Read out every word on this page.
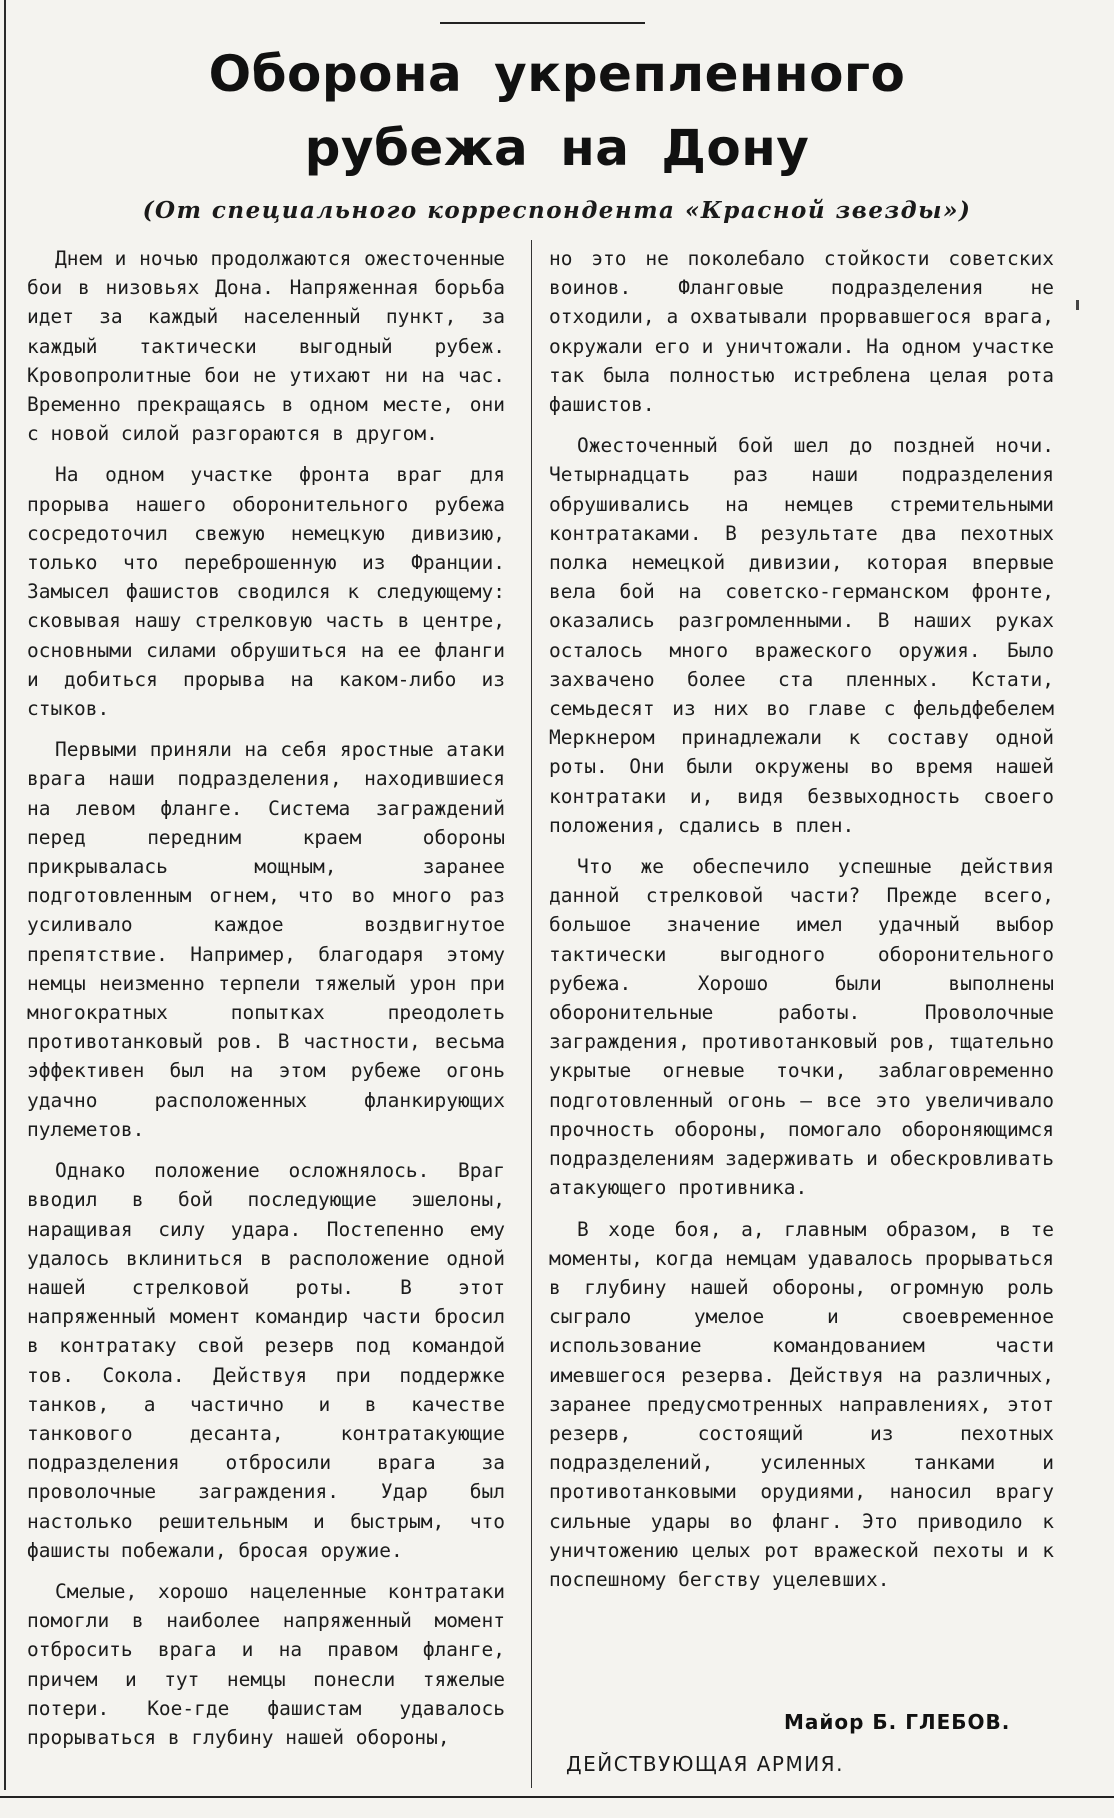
Оборона укрепленного
рубежа на Дону
(От специального корреспондента «Красной звезды»)

Днем и ночью продолжаются ожесточенные бои в низовьях Дона. Напряженная борьба идет за каждый населенный пункт, за каждый тактически выгодный рубеж. Кровопролитные бои не утихают ни на час. Временно прекращаясь в одном месте, они с новой силой разгораются в другом.

На одном участке фронта враг для прорыва нашего оборонительного рубежа сосредоточил свежую немецкую дивизию, только что переброшенную из Франции. Замысел фашистов сводился к следующему: сковывая нашу стрелковую часть в центре, основными силами обрушиться на ее фланги и добиться прорыва на каком-либо из стыков.

Первыми приняли на себя яростные атаки врага наши подразделения, находившиеся на левом фланге. Система заграждений перед передним краем обороны прикрывалась мощным, заранее подготовленным огнем, что во много раз усиливало каждое воздвигнутое препятствие. Например, благодаря этому немцы неизменно терпели тяжелый урон при многократных попытках преодолеть противотанковый ров. В частности, весьма эффективен был на этом рубеже огонь удачно расположенных фланкирующих пулеметов.

Однако положение осложнялось. Враг вводил в бой последующие эшелоны, наращивая силу удара. Постепенно ему удалось вклиниться в расположение одной нашей стрелковой роты. В этот напряженный момент командир части бросил в контратаку свой резерв под командой тов. Сокола. Действуя при поддержке танков, а частично и в качестве танкового десанта, контратакующие подразделения отбросили врага за проволочные заграждения. Удар был настолько решительным и быстрым, что фашисты побежали, бросая оружие.

Смелые, хорошо нацеленные контратаки помогли в наиболее напряженный момент отбросить врага и на правом фланге, причем и тут немцы понесли тяжелые потери. Кое-где фашистам удавалось прорываться в глубину нашей обороны,

но это не поколебало стойкости советских воинов. Фланговые подразделения не отходили, а охватывали прорвавшегося врага, окружали его и уничтожали. На одном участке так была полностью истреблена целая рота фашистов.

Ожесточенный бой шел до поздней ночи. Четырнадцать раз наши подразделения обрушивались на немцев стремительными контратаками. В результате два пехотных полка немецкой дивизии, которая впервые вела бой на советско-германском фронте, оказались разгромленными. В наших руках осталось много вражеского оружия. Было захвачено более ста пленных. Кстати, семьдесят из них во главе с фельдфебелем Меркнером принадлежали к составу одной роты. Они были окружены во время нашей контратаки и, видя безвыходность своего положения, сдались в плен.

Что же обеспечило успешные действия данной стрелковой части? Прежде всего, большое значение имел удачный выбор тактически выгодного оборонительного рубежа. Хорошо были выполнены оборонительные работы. Проволочные заграждения, противотанковый ров, тщательно укрытые огневые точки, заблаговременно подготовленный огонь — все это увеличивало прочность обороны, помогало обороняющимся подразделениям задерживать и обескровливать атакующего противника.

В ходе боя, а, главным образом, в те моменты, когда немцам удавалось прорываться в глубину нашей обороны, огромную роль сыграло умелое и своевременное использование командованием части имевшегося резерва. Действуя на различных, заранее предусмотренных направлениях, этот резерв, состоящий из пехотных подразделений, усиленных танками и противотанковыми орудиями, наносил врагу сильные удары во фланг. Это приводило к уничтожению целых рот вражеской пехоты и к поспешному бегству уцелевших.

Майор Б. ГЛЕБОВ.
ДЕЙСТВУЮЩАЯ АРМИЯ.
